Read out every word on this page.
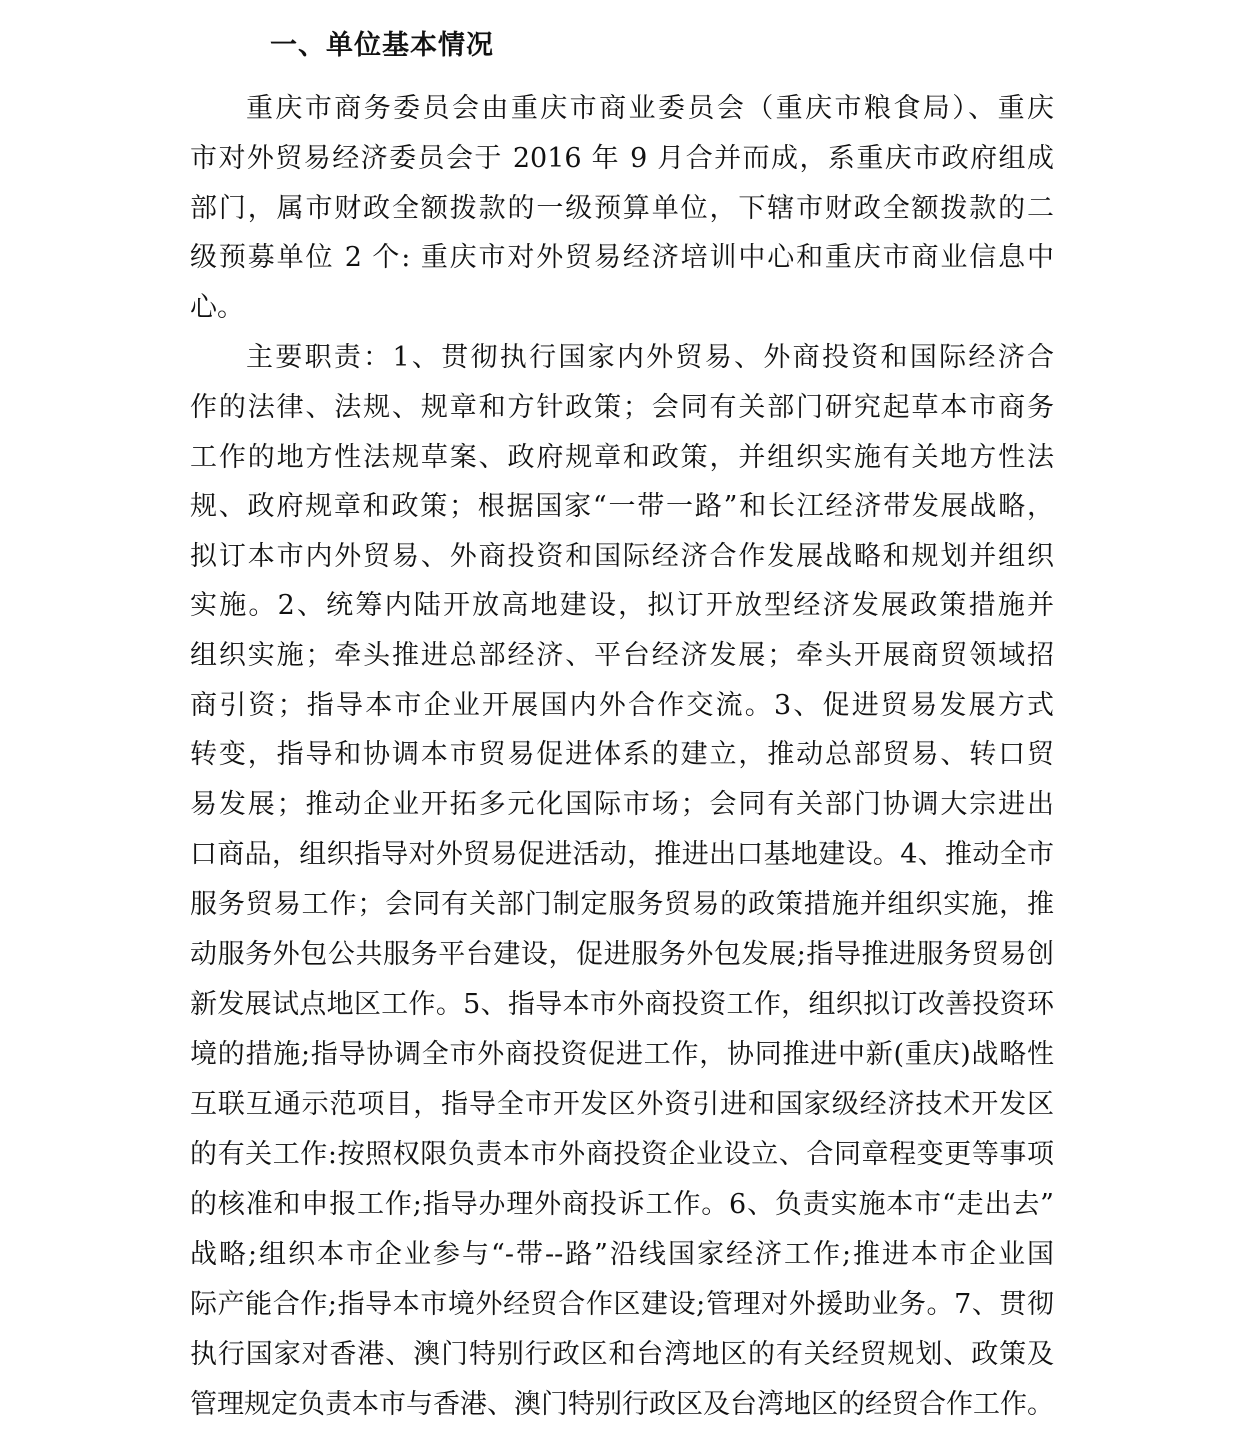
一、单位基本情况

重庆市商务委员会由重庆市商业委员会（重庆市粮食局）、重庆

市对外贸易经济委员会于 2016 年 9 月合并而成，系重庆市政府组成

部门，属市财政全额拨款的一级预算单位，下辖市财政全额拨款的二

级预募单位 2 个: 重庆市对外贸易经济培训中心和重庆市商业信息中

心。

主要职责：1、贯彻执行国家内外贸易、外商投资和国际经济合

作的法律、法规、规章和方针政策；会同有关部门研究起草本市商务

工作的地方性法规草案、政府规章和政策，并组织实施有关地方性法

规、政府规章和政策；根据国家“一带一路”和长江经济带发展战略，

拟订本市内外贸易、外商投资和国际经济合作发展战略和规划并组织

实施。2、统筹内陆开放高地建设，拟订开放型经济发展政策措施并

组织实施；牵头推进总部经济、平台经济发展；牵头开展商贸领域招

商引资；指导本市企业开展国内外合作交流。3、促进贸易发展方式

转变，指导和协调本市贸易促进体系的建立，推动总部贸易、转口贸

易发展；推动企业开拓多元化国际市场；会同有关部门协调大宗进出

口商品，组织指导对外贸易促进活动，推进出口基地建设。4、推动全市

服务贸易工作；会同有关部门制定服务贸易的政策措施并组织实施，推

动服务外包公共服务平台建设，促进服务外包发展;指导推进服务贸易创

新发展试点地区工作。5、指导本市外商投资工作，组织拟订改善投资环

境的措施;指导协调全市外商投资促进工作，协同推进中新(重庆)战略性

互联互通示范项目，指导全市开发区外资引进和国家级经济技术开发区

的有关工作:按照权限负责本市外商投资企业设立、合同章程变更等事项

的核准和申报工作;指导办理外商投诉工作。6、负责实施本市“走出去”

战略;组织本市企业参与“-带--路”沿线国家经济工作;推进本市企业国

际产能合作;指导本市境外经贸合作区建设;管理对外援助业务。7、贯彻

执行国家对香港、澳门特别行政区和台湾地区的有关经贸规划、政策及

管理规定负责本市与香港、澳门特别行政区及台湾地区的经贸合作工作。
